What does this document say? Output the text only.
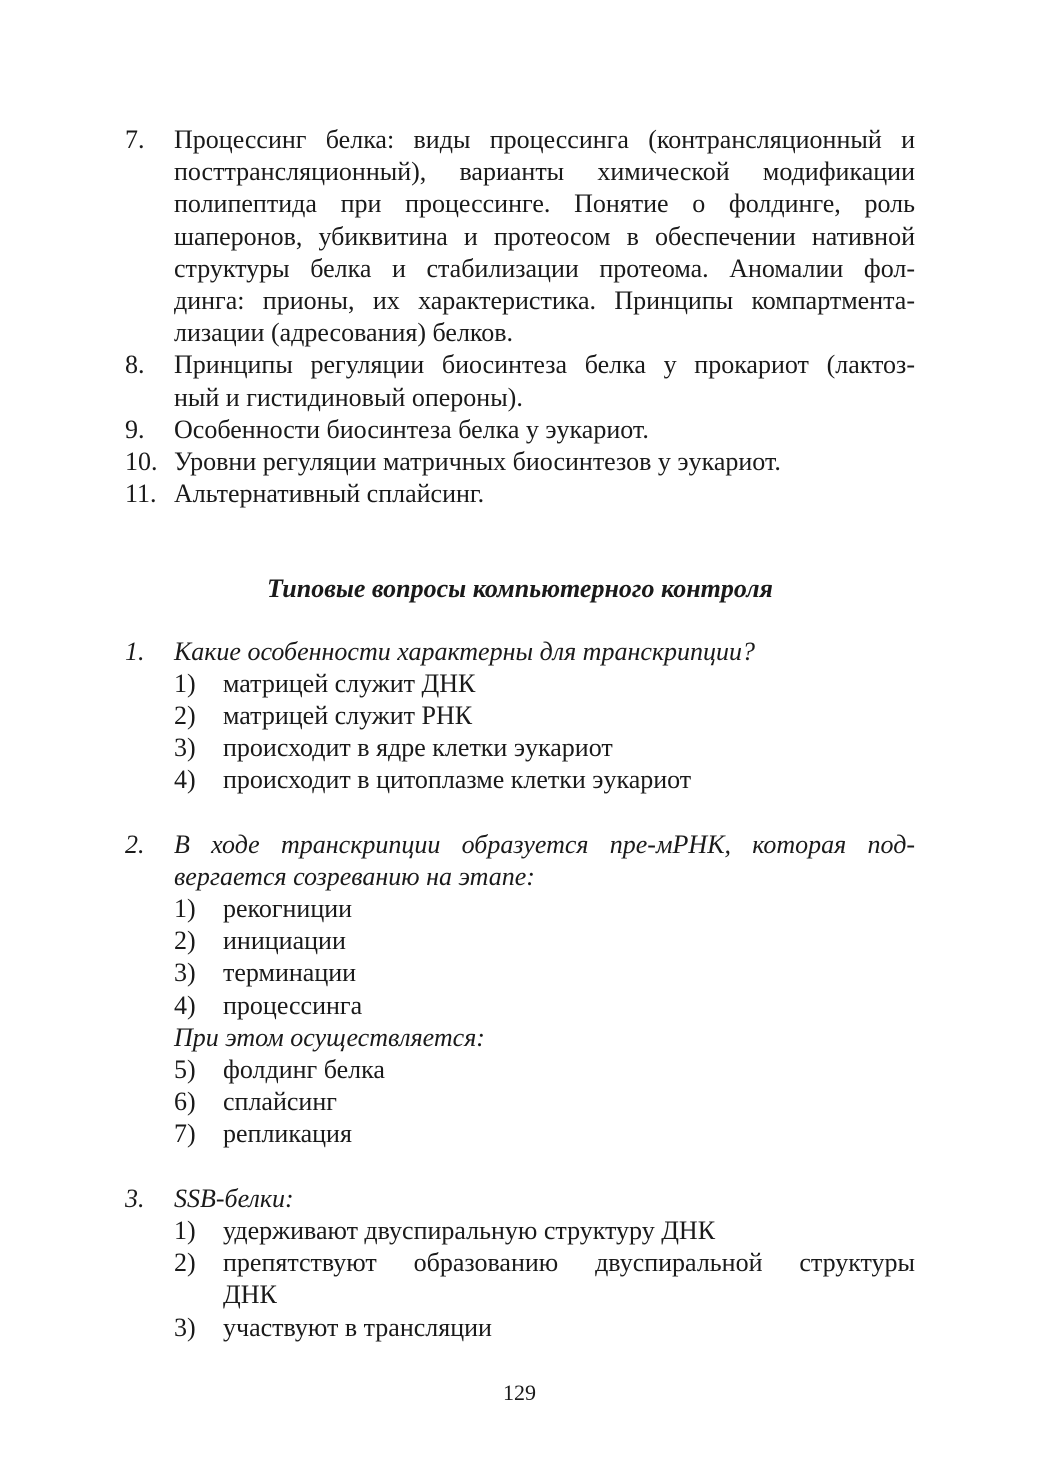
7.	Процессинг белка: виды процессинга (контрансляционный и
посттрансляционный), варианты химической модификации
полипептида при процессинге. Понятие о фолдинге, роль
шаперонов, убиквитина и протеосом в обеспечении нативной
структуры белка и стабилизации протеома. Аномалии фол-
динга: прионы, их характеристика. Принципы компартмента-
лизации (адресования) белков.
8.	Принципы регуляции биосинтеза белка у прокариот (лактоз-
ный и гистидиновый опероны).
9.	Особенности биосинтеза белка у эукариот.
10. Уровни регуляции матричных биосинтезов у эукариот.
11. Альтернативный сплайсинг.
Типовые вопросы компьютерного контроля
1.	Какие особенности характерны для транскрипции?
1)	матрицей служит ДНК
2)	матрицей служит РНК
3)	происходит в ядре клетки эукариот
4)	происходит в цитоплазме клетки эукариот
2.	В ходе транскрипции образуется пре-мРНК, которая под-
вергается созреванию на этапе:
1)	рекогниции
2)	инициации
3)	терминации
4)	процессинга
При этом осуществляется:
5)	фолдинг белка
6)	сплайсинг
7)	репликация
3.	SSB-белки:
1)	удерживают двуспиральную структуру ДНК
2)	препятствуют образованию двуспиральной структуры
ДНК
3)	участвуют в трансляции
129
